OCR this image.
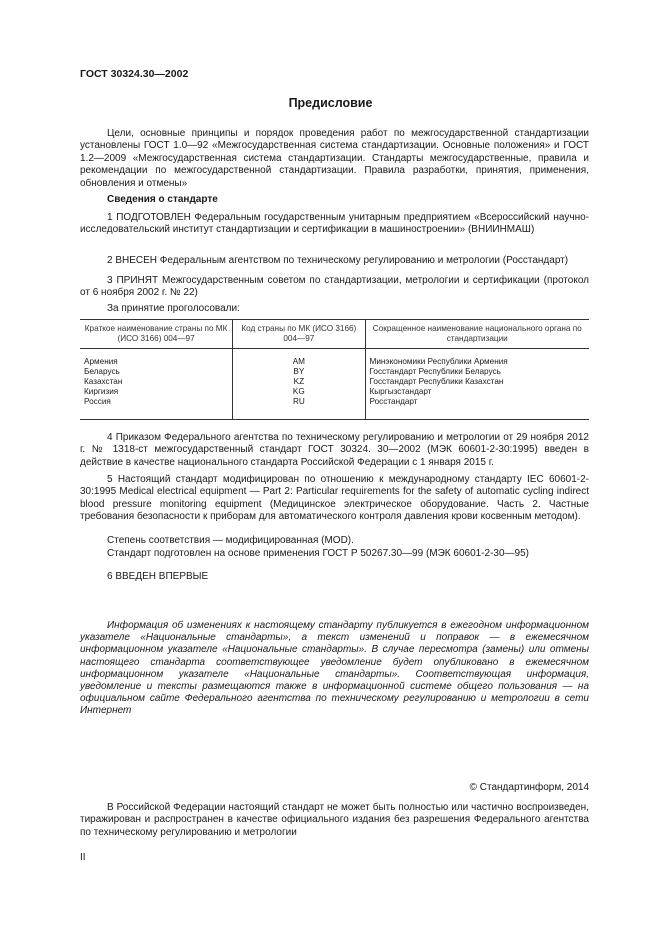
ГОСТ 30324.30—2002
Предисловие
Цели, основные принципы и порядок проведения работ по межгосударственной стандартизации установлены ГОСТ 1.0—92 «Межгосударственная система стандартизации. Основные положения» и ГОСТ 1.2—2009 «Межгосударственная система стандартизации. Стандарты межгосударственные, правила и рекомендации по межгосударственной стандартизации. Правила разработки, принятия, применения, обновления и отмены»
Сведения о стандарте
1 ПОДГОТОВЛЕН Федеральным государственным унитарным предприятием «Всероссийский научно-исследовательский институт стандартизации и сертификации в машиностроении» (ВНИИНМАШ)
2 ВНЕСЕН Федеральным агентством по техническому регулированию и метрологии (Росстандарт)
3 ПРИНЯТ Межгосударственным советом по стандартизации, метрологии и сертификации (протокол от 6 ноября 2002 г. № 22)
За принятие проголосовали:
Краткое наименование страны по МК (ИСО 3166) 004—97	Код страны по МК (ИСО 3166) 004—97	Сокращенное наименование национального органа по стандартизации
Армения	AM	Минэкономики Республики Армения
Беларусь	BY	Госстандарт Республики Беларусь
Казахстан	KZ	Госстандарт Республики Казахстан
Киргизия	KG	Кыргызстандарт
Россия	RU	Росстандарт
4 Приказом Федерального агентства по техническому регулированию и метрологии от 29 ноября 2012 г. № 1318-ст межгосударственный стандарт ГОСТ 30324. 30—2002 (МЭК 60601-2-30:1995) введен в действие в качестве национального стандарта Российской Федерации с 1 января 2015 г.
5 Настоящий стандарт модифицирован по отношению к международному стандарту IEC 60601-2-30:1995 Medical electrical equipment — Part 2: Particular requirements for the safety of automatic cycling indirect blood pressure monitoring equipment (Медицинское электрическое оборудование. Часть 2. Частные требования безопасности к приборам для автоматического контроля давления крови косвенным методом).
Степень соответствия — модифицированная (MOD).
Стандарт подготовлен на основе применения ГОСТ Р 50267.30—99 (МЭК 60601-2-30—95)
6 ВВЕДЕН ВПЕРВЫЕ
Информация об изменениях к настоящему стандарту публикуется в ежегодном информационном указателе «Национальные стандарты», а текст изменений и поправок — в ежемесячном информационном указателе «Национальные стандарты». В случае пересмотра (замены) или отмены настоящего стандарта соответствующее уведомление будет опубликовано в ежемесячном информационном указателе «Национальные стандарты». Соответствующая информация, уведомление и тексты размещаются также в информационной системе общего пользования — на официальном сайте Федерального агентства по техническому регулированию и метрологии в сети Интернет
© Стандартинформ, 2014
В Российской Федерации настоящий стандарт не может быть полностью или частично воспроизведен, тиражирован и распространен в качестве официального издания без разрешения Федерального агентства по техническому регулированию и метрологии
II
